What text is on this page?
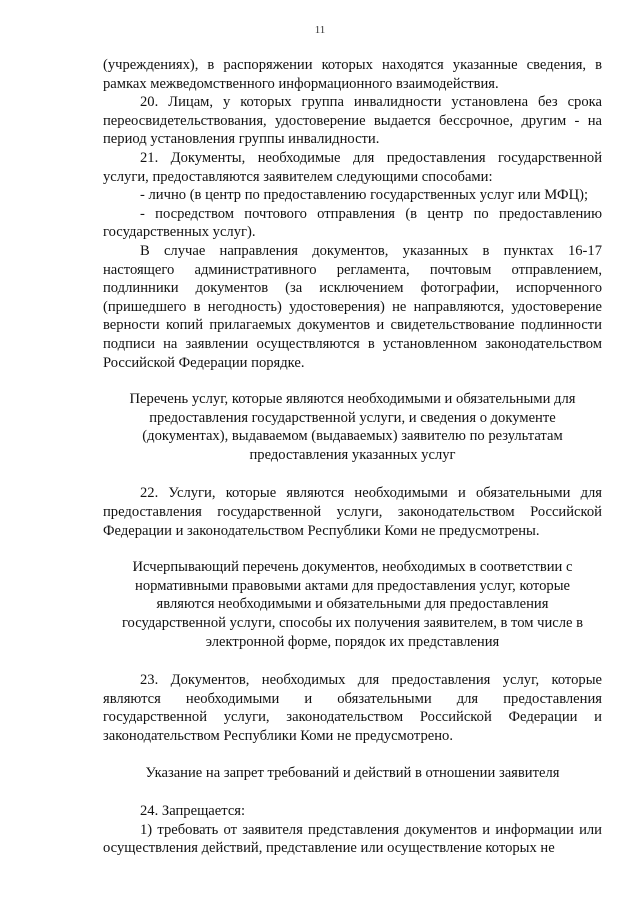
11

(учреждениях), в распоряжении которых находятся указанные сведения, в рамках межведомственного информационного взаимодействия.

20. Лицам, у которых группа инвалидности установлена без срока переосвидетельствования, удостоверение выдается бессрочное, другим - на период установления группы инвалидности.

21. Документы, необходимые для предоставления государственной услуги, предоставляются заявителем следующими способами:

- лично (в центр по предоставлению государственных услуг или МФЦ);

- посредством почтового отправления (в центр по предоставлению государственных услуг).

В случае направления документов, указанных в пунктах 16-17 настоящего административного регламента, почтовым отправлением, подлинники документов (за исключением фотографии, испорченного (пришедшего в негодность) удостоверения) не направляются, удостоверение верности копий прилагаемых документов и свидетельствование подлинности подписи на заявлении осуществляются в установленном законодательством Российской Федерации порядке.

Перечень услуг, которые являются необходимыми и обязательными для предоставления государственной услуги, и сведения о документе (документах), выдаваемом (выдаваемых) заявителю по результатам предоставления указанных услуг

22. Услуги, которые являются необходимыми и обязательными для предоставления государственной услуги, законодательством Российской Федерации и законодательством Республики Коми не предусмотрены.

Исчерпывающий перечень документов, необходимых в соответствии с нормативными правовыми актами для предоставления услуг, которые являются необходимыми и обязательными для предоставления государственной услуги, способы их получения заявителем, в том числе в электронной форме, порядок их представления

23. Документов, необходимых для предоставления услуг, которые являются необходимыми и обязательными для предоставления государственной услуги, законодательством Российской Федерации и законодательством Республики Коми не предусмотрено.

Указание на запрет требований и действий в отношении заявителя

24. Запрещается:

1) требовать от заявителя представления документов и информации или осуществления действий, представление или осуществление которых не
